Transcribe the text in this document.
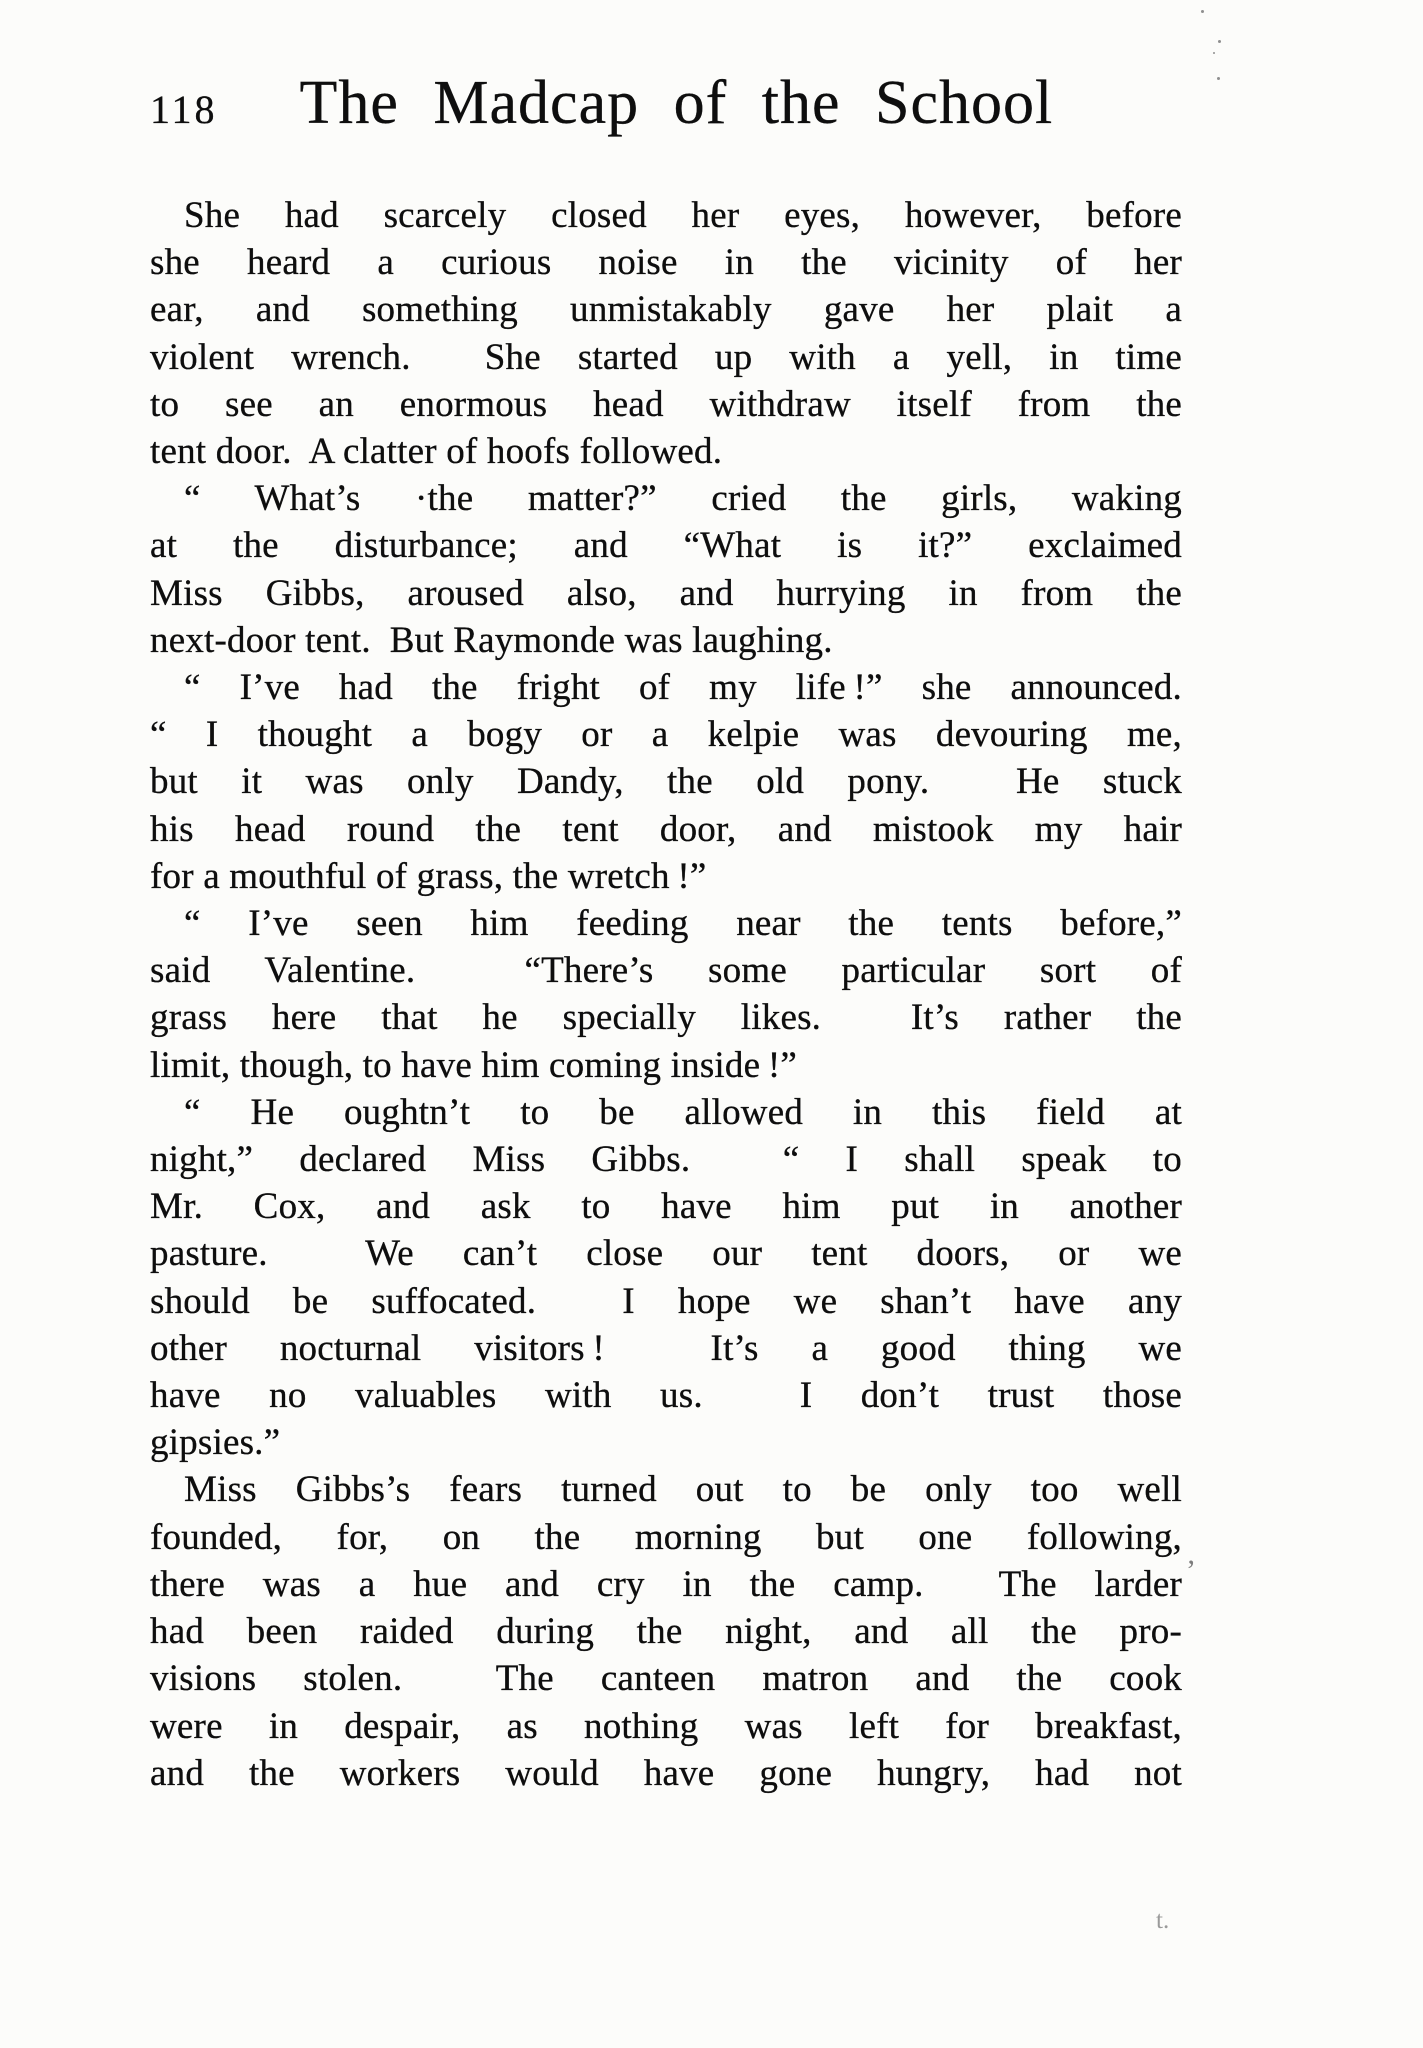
118 The Madcap of the School
She had scarcely closed her eyes, however, before
she heard a curious noise in the vicinity of her
ear, and something unmistakably gave her plait a
violent wrench.  She started up with a yell, in time
to see an enormous head withdraw itself from the
tent door.  A clatter of hoofs followed.
“ What’s ·the matter?” cried the girls, waking
at the disturbance; and “What is it?” exclaimed
Miss Gibbs, aroused also, and hurrying in from the
next-door tent.  But Raymonde was laughing.
“ I’ve had the fright of my life !” she announced.
“ I thought a bogy or a kelpie was devouring me,
but it was only Dandy, the old pony.  He stuck
his head round the tent door, and mistook my hair
for a mouthful of grass, the wretch !”
“ I’ve seen him feeding near the tents before,”
said Valentine.  “There’s some particular sort of
grass here that he specially likes.  It’s rather the
limit, though, to have him coming inside !”
“ He oughtn’t to be allowed in this field at
night,” declared Miss Gibbs.  “ I shall speak to
Mr. Cox, and ask to have him put in another
pasture.  We can’t close our tent doors, or we
should be suffocated.  I hope we shan’t have any
other nocturnal visitors !  It’s a good thing we
have no valuables with us.  I don’t trust those
gipsies.”
Miss Gibbs’s fears turned out to be only too well
founded, for, on the morning but one following,
there was a hue and cry in the camp.  The larder
had been raided during the night, and all the pro-
visions stolen.  The canteen matron and the cook
were in despair, as nothing was left for breakfast,
and the workers would have gone hungry, had not
’
t.
